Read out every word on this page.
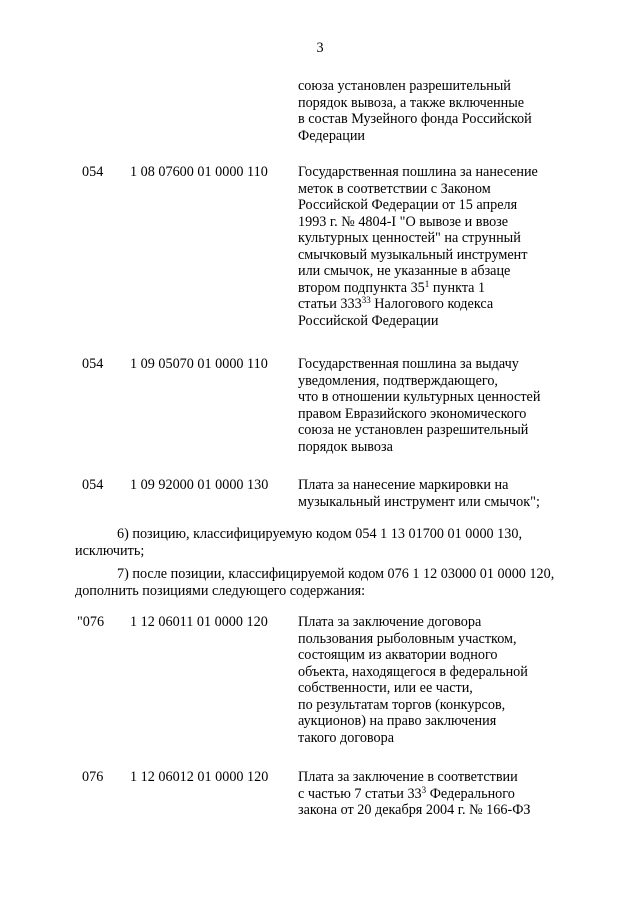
3
союза установлен разрешительный
порядок вывоза, а также включенные
в состав Музейного фонда Российской
Федерации
054 1 08 07600 01 0000 110 Государственная пошлина за нанесение
меток в соответствии с Законом
Российской Федерации от 15 апреля
1993 г. № 4804-I "О вывозе и ввозе
культурных ценностей" на струнный
смычковый музыкальный инструмент
или смычок, не указанные в абзаце
втором подпункта $35^1$ пункта 1
статьи $333^{33}$ Налогового кодекса
Российской Федерации
054 1 09 05070 01 0000 110 Государственная пошлина за выдачу
уведомления, подтверждающего,
что в отношении культурных ценностей
правом Евразийского экономического
союза не установлен разрешительный
порядок вывоза
054 1 09 92000 01 0000 130 Плата за нанесение маркировки на
музыкальный инструмент или смычок";
6) позицию, классифицируемую кодом 054 1 13 01700 01 0000 130,
исключить;
7) после позиции, классифицируемой кодом 076 1 12 03000 01 0000 120,
дополнить позициями следующего содержания:
"076 1 12 06011 01 0000 120 Плата за заключение договора
пользования рыболовным участком,
состоящим из акватории водного
объекта, находящегося в федеральной
собственности, или ее части,
по результатам торгов (конкурсов,
аукционов) на право заключения
такого договора
076 1 12 06012 01 0000 120 Плата за заключение в соответствии
с частью 7 статьи $33^3$ Федерального
закона от 20 декабря 2004 г. № 166-ФЗ
